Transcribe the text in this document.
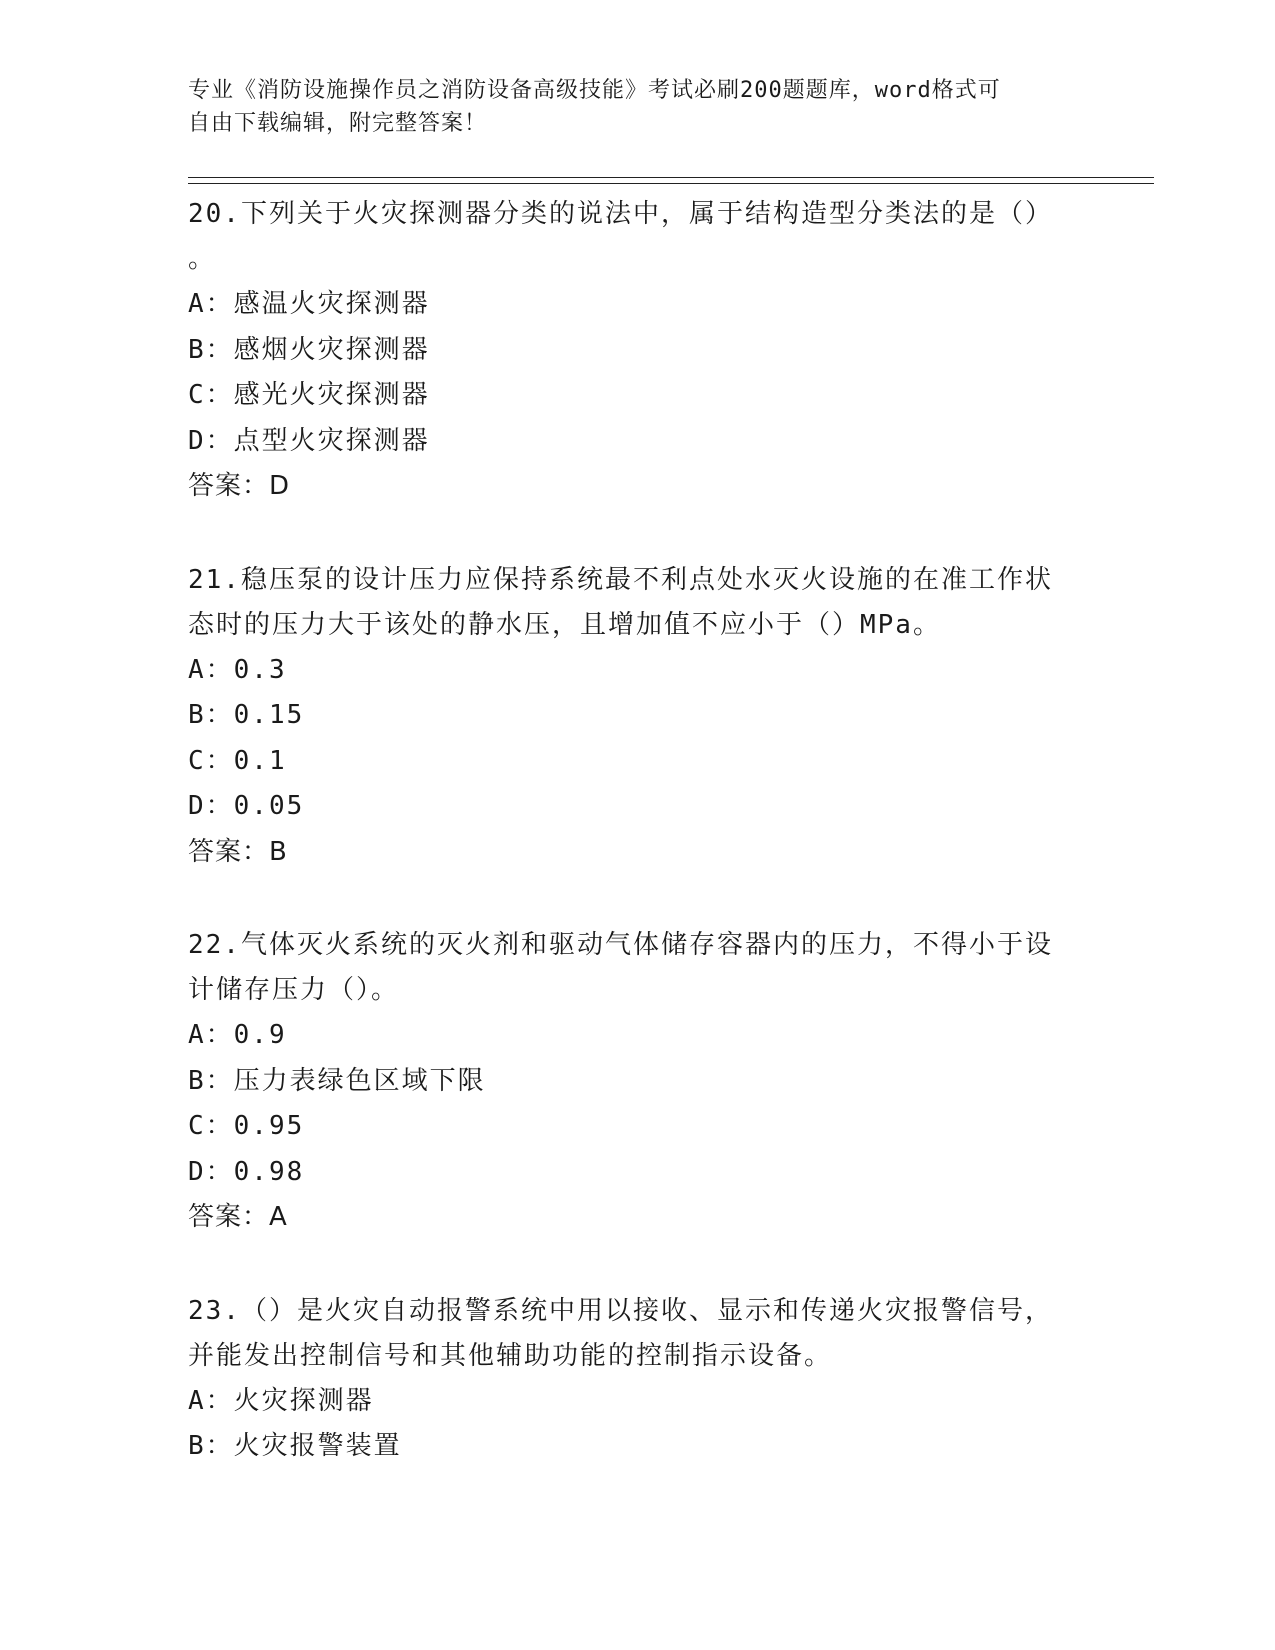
专业《消防设施操作员之消防设备高级技能》考试必刷200题题库，word格式可
自由下载编辑，附完整答案！

20.下列关于火灾探测器分类的说法中，属于结构造型分类法的是（）
。

A：感温火灾探测器

B：感烟火灾探测器

C：感光火灾探测器

D：点型火灾探测器

答案：D

21.稳压泵的设计压力应保持系统最不利点处水灭火设施的在准工作状
态时的压力大于该处的静水压，且增加值不应小于（）MPa。

A：0.3

B：0.15

C：0.1

D：0.05

答案：B

22.气体灭火系统的灭火剂和驱动气体储存容器内的压力，不得小于设
计储存压力（）。

A：0.9

B：压力表绿色区域下限

C：0.95

D：0.98

答案：A

23.（）是火灾自动报警系统中用以接收、显示和传递火灾报警信号，
并能发出控制信号和其他辅助功能的控制指示设备。

A：火灾探测器

B：火灾报警装置
